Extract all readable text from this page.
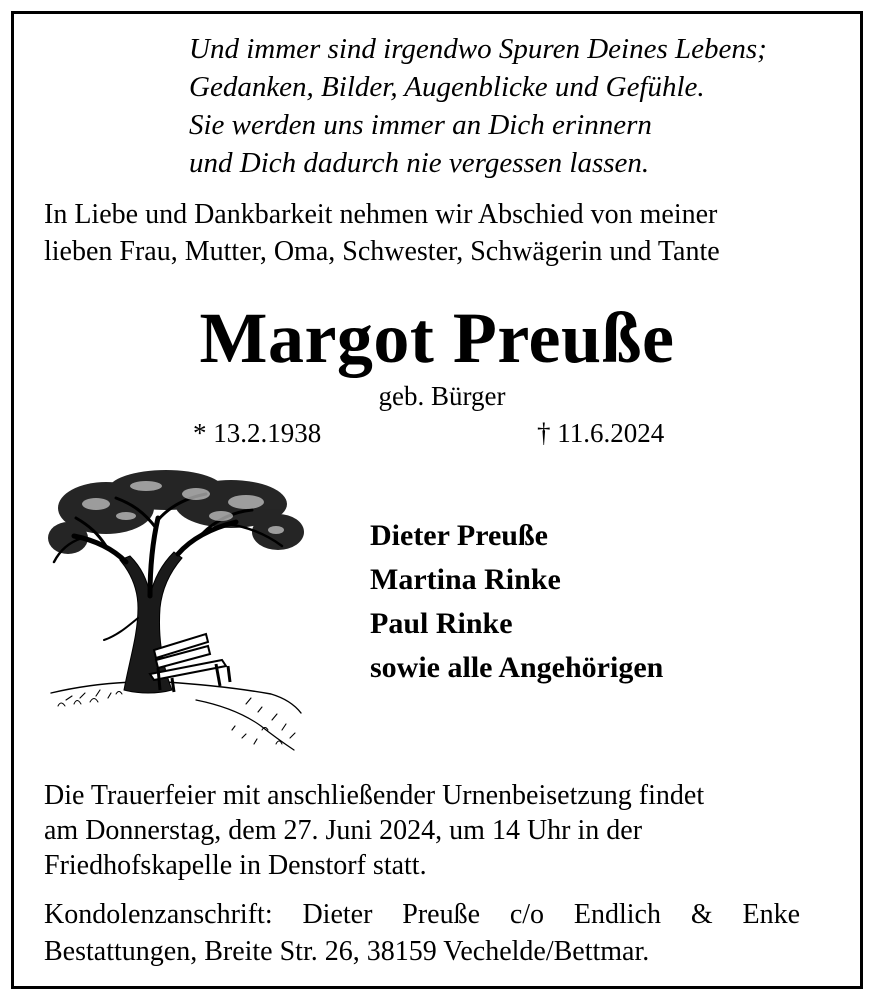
Und immer sind irgendwo Spuren Deines Lebens;
Gedanken, Bilder, Augenblicke und Gefühle.
Sie werden uns immer an Dich erinnern
und Dich dadurch nie vergessen lassen.
In Liebe und Dankbarkeit nehmen wir Abschied von meiner
lieben Frau, Mutter, Oma, Schwester, Schwägerin und Tante
Margot Preuße
geb. Bürger
* 13.2.1938	† 11.6.2024
Dieter Preuße
Martina Rinke
Paul Rinke
sowie alle Angehörigen
Die Trauerfeier mit anschließender Urnenbeisetzung findet
am Donnerstag, dem 27. Juni 2024, um 14 Uhr in der
Friedhofskapelle in Denstorf statt.
Kondolenzanschrift: Dieter Preuße c/o Endlich & Enke
Bestattungen, Breite Str. 26, 38159 Vechelde/Bettmar.
